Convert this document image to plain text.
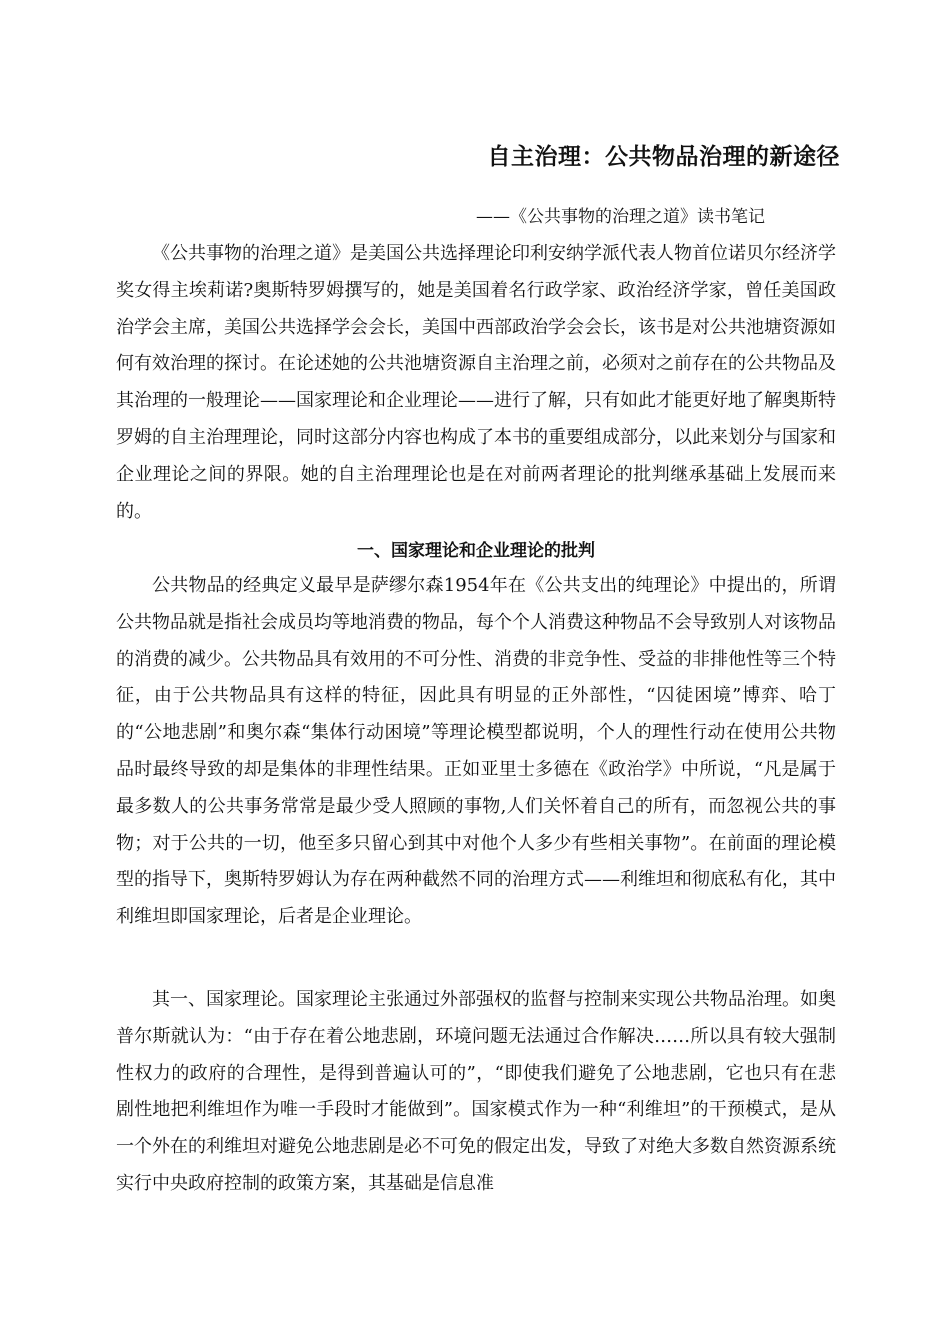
自主治理：公共物品治理的新途径
——《公共事物的治理之道》读书笔记

《公共事物的治理之道》是美国公共选择理论印利安纳学派代表人物首位诺贝尔经济学奖女得主埃莉诺?奥斯特罗姆撰写的，她是美国着名行政学家、政治经济学家，曾任美国政治学会主席，美国公共选择学会会长，美国中西部政治学会会长，该书是对公共池塘资源如何有效治理的探讨。在论述她的公共池塘资源自主治理之前，必须对之前存在的公共物品及其治理的一般理论——国家理论和企业理论——进行了解，只有如此才能更好地了解奥斯特罗姆的自主治理理论，同时这部分内容也构成了本书的重要组成部分，以此来划分与国家和企业理论之间的界限。她的自主治理理论也是在对前两者理论的批判继承基础上发展而来的。

一、国家理论和企业理论的批判

公共物品的经典定义最早是萨缪尔森1954年在《公共支出的纯理论》中提出的，所谓公共物品就是指社会成员均等地消费的物品，每个个人消费这种物品不会导致别人对该物品的消费的减少。公共物品具有效用的不可分性、消费的非竞争性、受益的非排他性等三个特征，由于公共物品具有这样的特征，因此具有明显的正外部性，“囚徒困境”博弈、哈丁的“公地悲剧”和奥尔森“集体行动困境”等理论模型都说明，个人的理性行动在使用公共物品时最终导致的却是集体的非理性结果。正如亚里士多德在《政治学》中所说，“凡是属于最多数人的公共事务常常是最少受人照顾的事物,人们关怀着自己的所有，而忽视公共的事物；对于公共的一切，他至多只留心到其中对他个人多少有些相关事物”。在前面的理论模型的指导下，奥斯特罗姆认为存在两种截然不同的治理方式——利维坦和彻底私有化，其中利维坦即国家理论，后者是企业理论。

其一、国家理论。国家理论主张通过外部强权的监督与控制来实现公共物品治理。如奥普尔斯就认为：“由于存在着公地悲剧，环境问题无法通过合作解决……所以具有较大强制性权力的政府的合理性，是得到普遍认可的”，“即使我们避免了公地悲剧，它也只有在悲剧性地把利维坦作为唯一手段时才能做到”。国家模式作为一种“利维坦”的干预模式，是从一个外在的利维坦对避免公地悲剧是必不可免的假定出发，导致了对绝大多数自然资源系统实行中央政府控制的政策方案，其基础是信息准
